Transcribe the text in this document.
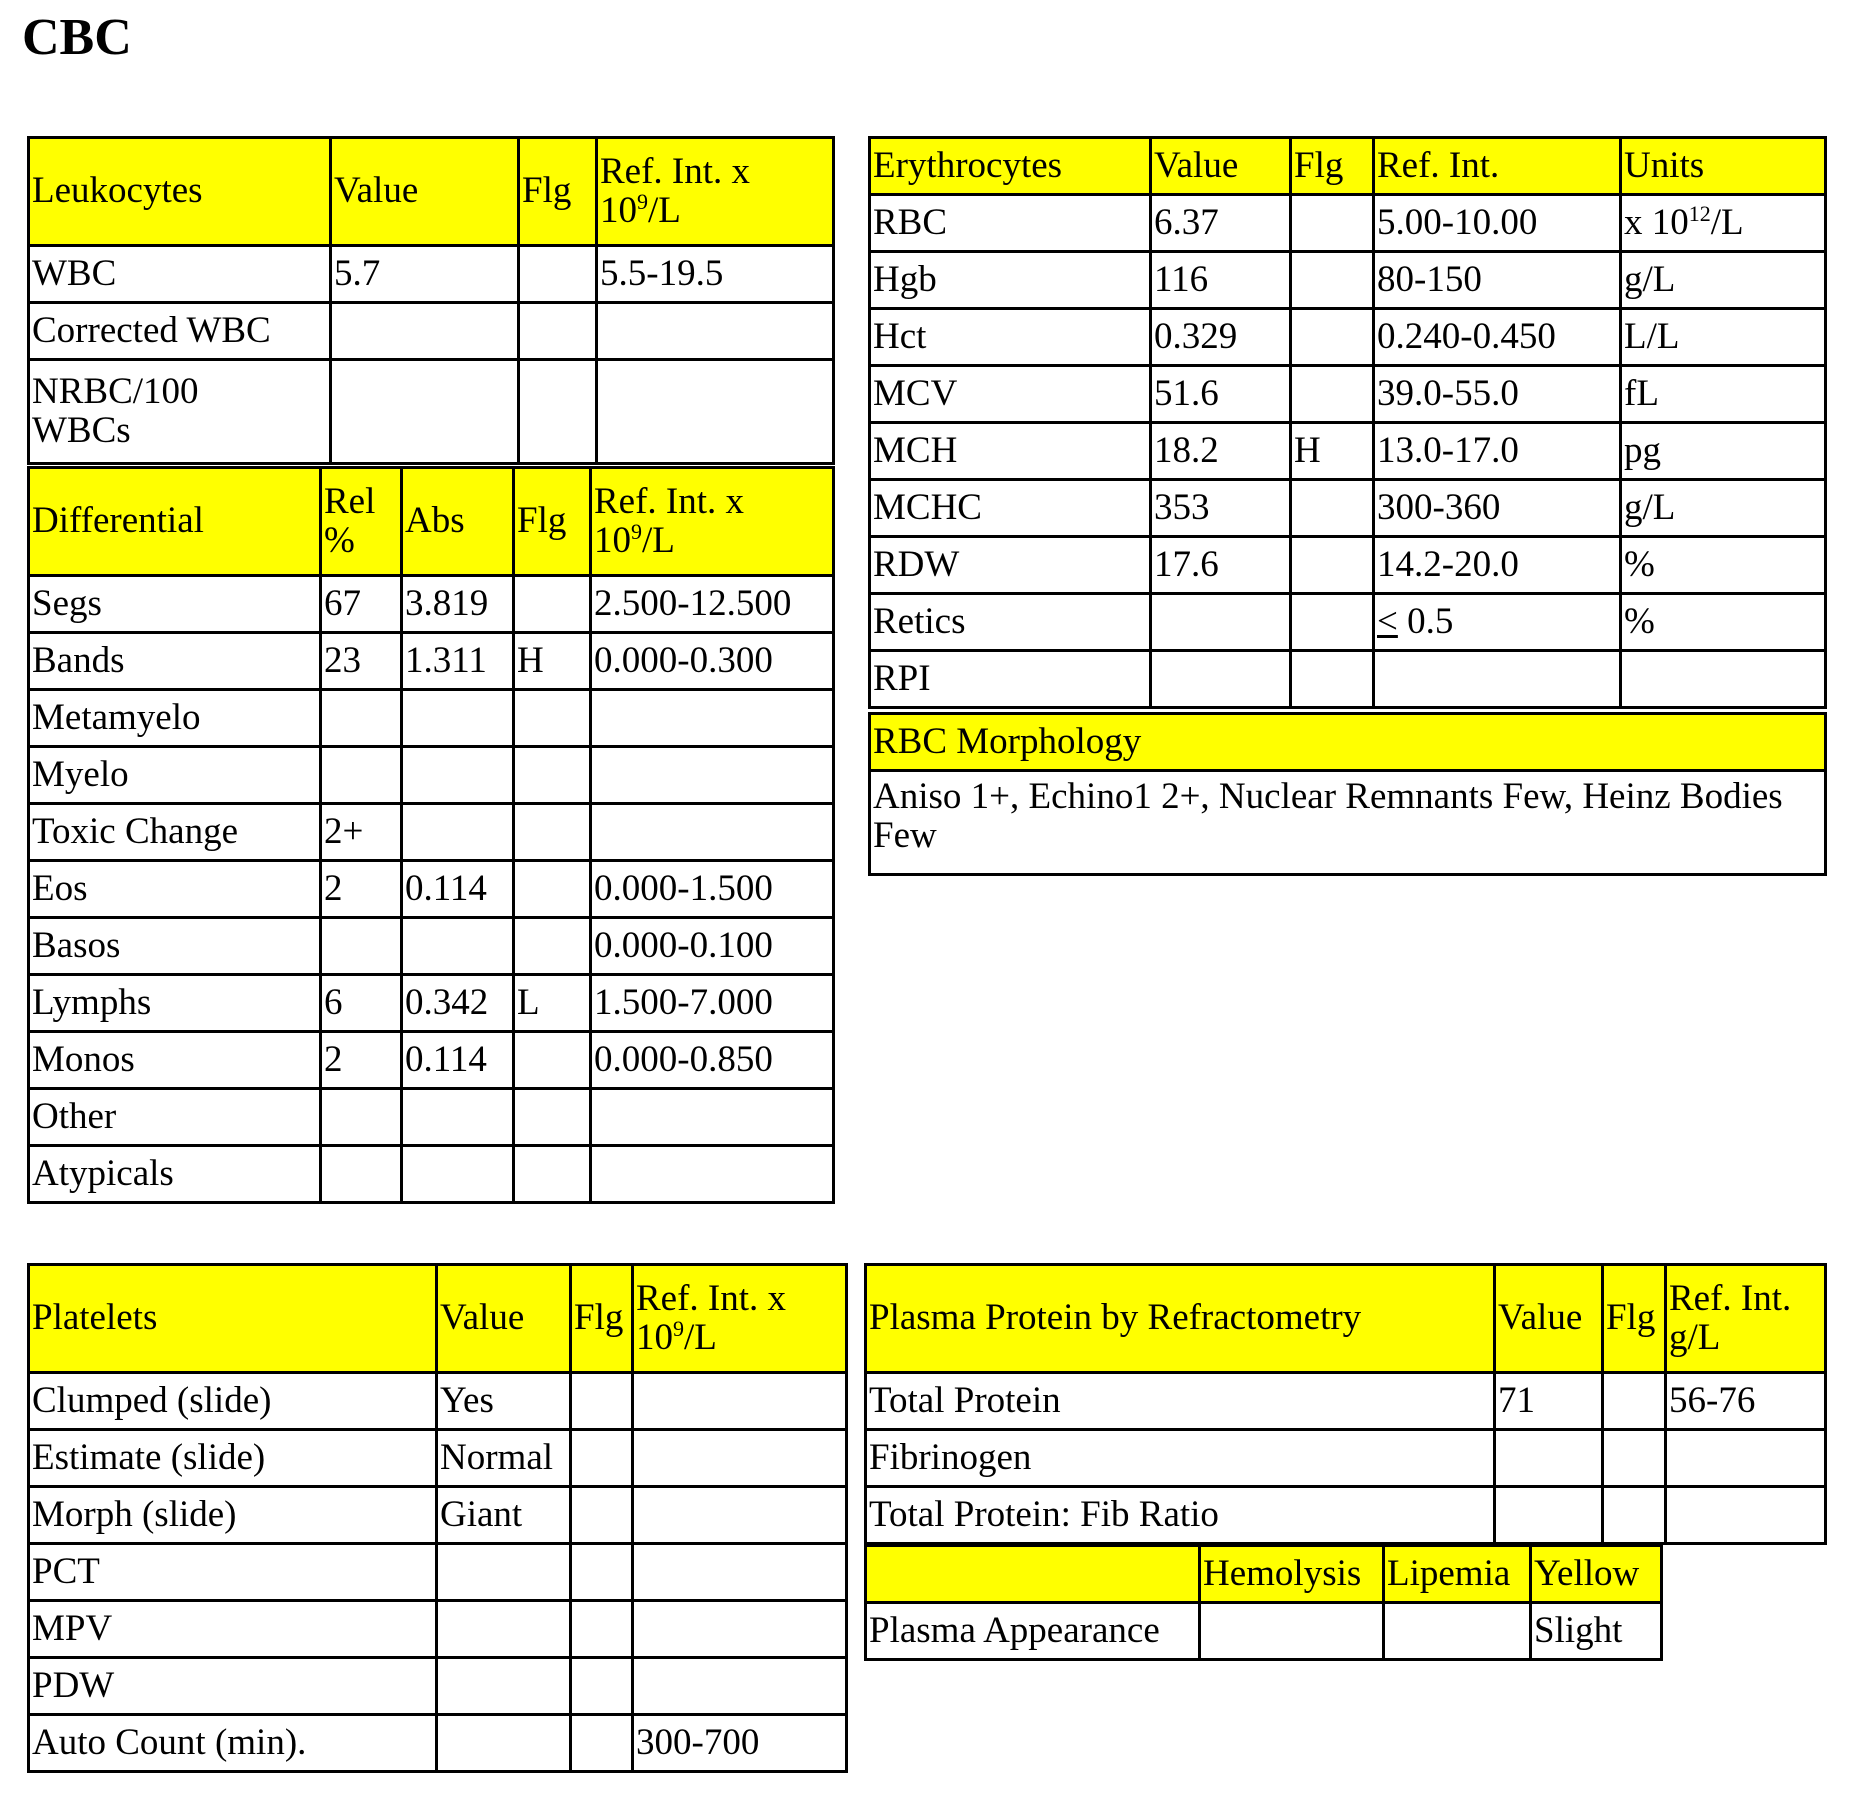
CBC
Leukocytes	Value	Flg	Ref. Int. x $10^9/L$
WBC	5.7		5.5-19.5
Corrected WBC			
NRBC/100 WBCs			
Differential	Rel %	Abs	Flg	Ref. Int. x $10^9/L$
Segs	67	3.819		2.500-12.500
Bands	23	1.311	H	0.000-0.300
Metamyelo				
Myelo				
Toxic Change	2+			
Eos	2	0.114		0.000-1.500
Basos				0.000-0.100
Lymphs	6	0.342	L	1.500-7.000
Monos	2	0.114		0.000-0.850
Other				
Atypicals				
Erythrocytes	Value	Flg	Ref. Int.	Units
RBC	6.37		5.00-10.00	x $10^{12}/L$
Hgb	116		80-150	g/L
Hct	0.329		0.240-0.450	L/L
MCV	51.6		39.0-55.0	fL
MCH	18.2	H	13.0-17.0	pg
MCHC	353		300-360	g/L
RDW	17.6		14.2-20.0	%
Retics			≤ 0.5	%
RPI				
RBC Morphology
Aniso 1+, Echino1 2+, Nuclear Remnants Few, Heinz Bodies Few
Platelets	Value	Flg	Ref. Int. x $10^9/L$
Clumped (slide)	Yes		
Estimate (slide)	Normal		
Morph (slide)	Giant		
PCT			
MPV			
PDW			
Auto Count (min).			300-700
Plasma Protein by Refractometry	Value	Flg	Ref. Int. g/L
Total Protein	71		56-76
Fibrinogen			
Total Protein: Fib Ratio			
	Hemolysis	Lipemia	Yellow
Plasma Appearance			Slight
